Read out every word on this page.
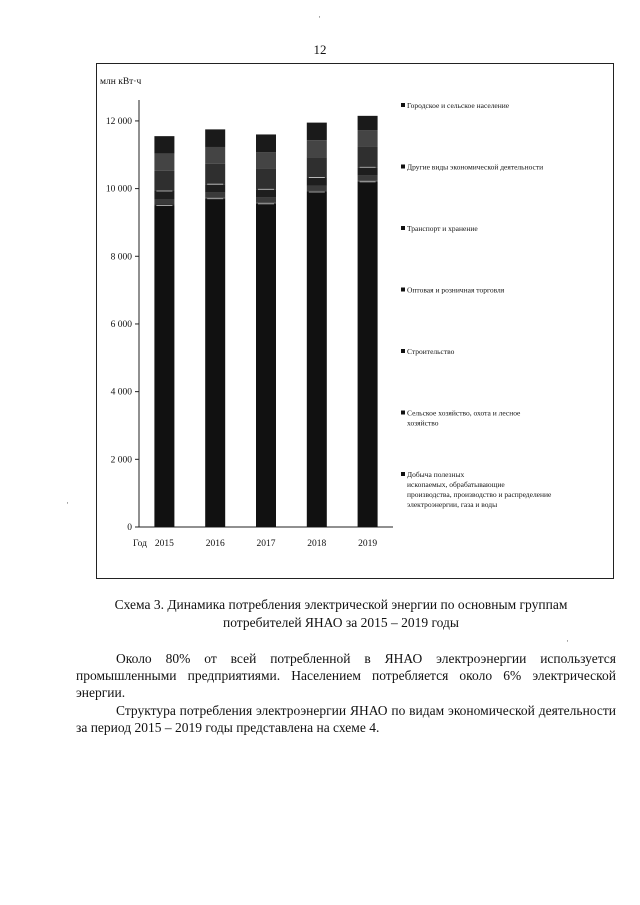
12
·
·
·
млн кВт·ч
0
2 000
4 000
6 000
8 000
10 000
12 000
Год 2015	2016	2017	2018	2019
Городское и сельское население
Другие виды экономической деятельности
Транспорт и хранение
Оптовая и розничная торговля
Строительство
Сельское хозяйство, охота и лесное
хозяйство
Добыча полезных
ископаемых, обрабатывающие
производства, производство и распределение
электроэнергии, газа и воды
Схема 3. Динамика потребления электрической энергии по основным группам потребителей ЯНАО за 2015 – 2019 годы
Около 80% от всей потребленной в ЯНАО электроэнергии используется промышленными предприятиями. Населением потребляется около 6% электрической энергии.
Структура потребления электроэнергии ЯНАО по видам экономической деятельности за период 2015 – 2019 годы представлена на схеме 4.
